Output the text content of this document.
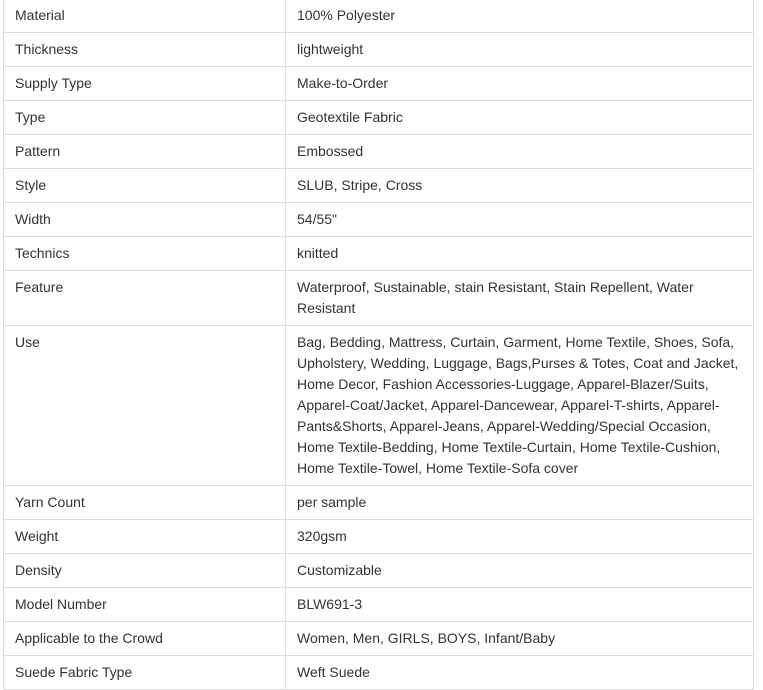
Material	100% Polyester
Thickness	lightweight
Supply Type	Make-to-Order
Type	Geotextile Fabric
Pattern	Embossed
Style	SLUB, Stripe, Cross
Width	54/55"
Technics	knitted
Feature	Waterproof, Sustainable, stain Resistant, Stain Repellent, Water Resistant
Use	Bag, Bedding, Mattress, Curtain, Garment, Home Textile, Shoes, Sofa, Upholstery, Wedding, Luggage, Bags,Purses & Totes, Coat and Jacket, Home Decor, Fashion Accessories-Luggage, Apparel-Blazer/Suits, Apparel-Coat/Jacket, Apparel-Dancewear, Apparel-T-shirts, Apparel-Pants&Shorts, Apparel-Jeans, Apparel-Wedding/Special Occasion, Home Textile-Bedding, Home Textile-Curtain, Home Textile-Cushion, Home Textile-Towel, Home Textile-Sofa cover
Yarn Count	per sample
Weight	320gsm
Density	Customizable
Model Number	BLW691-3
Applicable to the Crowd	Women, Men, GIRLS, BOYS, Infant/Baby
Suede Fabric Type	Weft Suede
